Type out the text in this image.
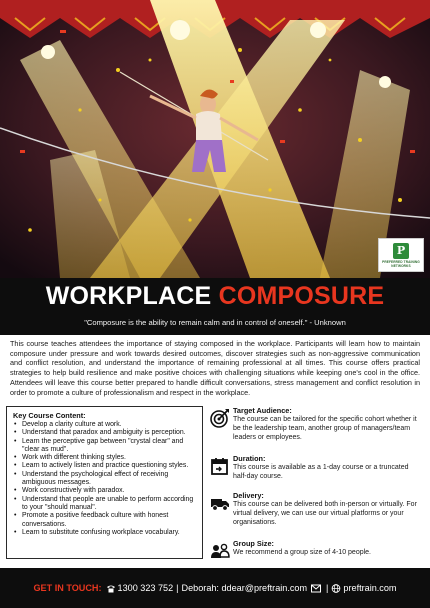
P
PREFERRED TRAINING NETWORKS
WORKPLACE COMPOSURE
"Composure is the ability to remain calm and in control of oneself." - Unknown
This course teaches attendees the importance of staying composed in the workplace. Participants will learn how to maintain composure under pressure and work towards desired outcomes, discover strategies such as non-aggressive communication and conflict resolution, and understand the importance of remaining professional at all times. This course offers practical strategies to help build resilience and make positive choices with challenging situations while keeping one's cool in the office. Attendees will leave this course better prepared to handle difficult conversations, stress management and conflict resolution in order to promote a culture of professionalism and respect in the workplace.
Key Course Content:
• Develop a clarity culture at work.
• Understand that paradox and ambiguity is perception.
• Learn the perceptive gap between "crystal clear" and "clear as mud".
• Work with different thinking styles.
• Learn to actively listen and practice questioning styles.
• Understand the psychological effect of receiving ambiguous messages.
• Work constructively with paradox.
• Understand that people are unable to perform according to your "should manual".
• Promote a positive feedback culture with honest conversations.
• Learn to substitute confusing workplace vocabulary.
Target Audience:
The course can be tailored for the specific cohort whether it be the leadership team, another group of managers/team leaders or employees.
Duration:
This course is available as a 1-day course or a truncated half-day course.
Delivery:
This course can be delivered both in-person or virtually. For virtual delivery, we can use our virtual platforms or your organisations.
Group Size:
We recommend a group size of 4-10 people.
GET IN TOUCH: 1300 323 752 | Deborah: ddear@preftrain.com | preftrain.com
